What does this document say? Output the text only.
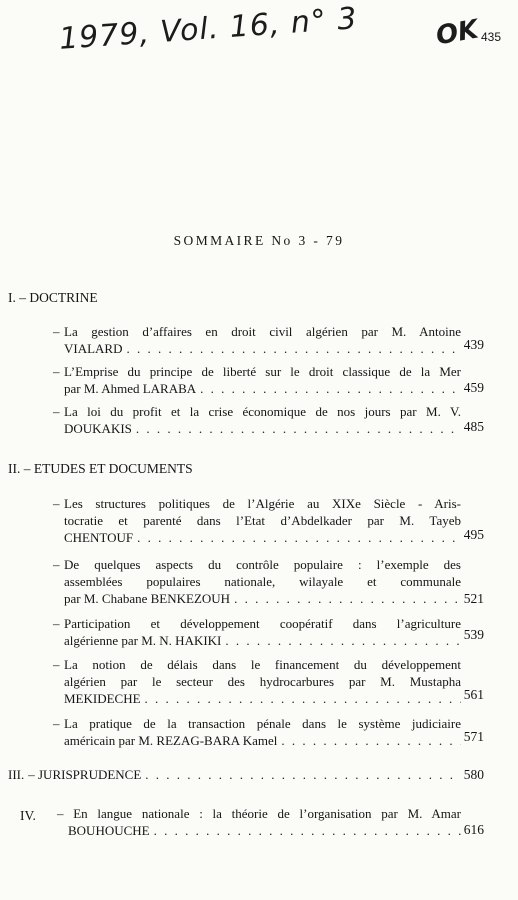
1979, Vol. 16, n° 3	OK 435
SOMMAIRE No 3 - 79
I. – DOCTRINE
– La gestion d’affaires en droit civil algérien par M. Antoine
VIALARD . . .	439
– L’Emprise du principe de liberté sur le droit classique de la Mer
par M. Ahmed LARABA . . .	459
– La loi du profit et la crise économique de nos jours par M. V.
DOUKAKIS . . .	485
II. – ETUDES ET DOCUMENTS
– Les structures politiques de l’Algérie au XIXe Siècle - Aris-
tocratie et parenté dans l’Etat d’Abdelkader par M. Tayeb
CHENTOUF . . .	495
– De quelques aspects du contrôle populaire : l’exemple des
assemblées populaires nationale, wilayale et communale
par M. Chabane BENKEZOUH . . .	521
– Participation et développement coopératif dans l’agriculture
algérienne par M. N. HAKIKI . . .	539
– La notion de délais dans le financement du développement
algérien par le secteur des hydrocarbures par M. Mustapha
MEKIDECHE . . .	561
– La pratique de la transaction pénale dans le système judiciaire
américain par M. REZAG-BARA Kamel . . .	571
III. – JURISPRUDENCE . . .	580
IV. – En langue nationale : la théorie de l’organisation par M. Amar
BOUHOUCHE . . .	616
